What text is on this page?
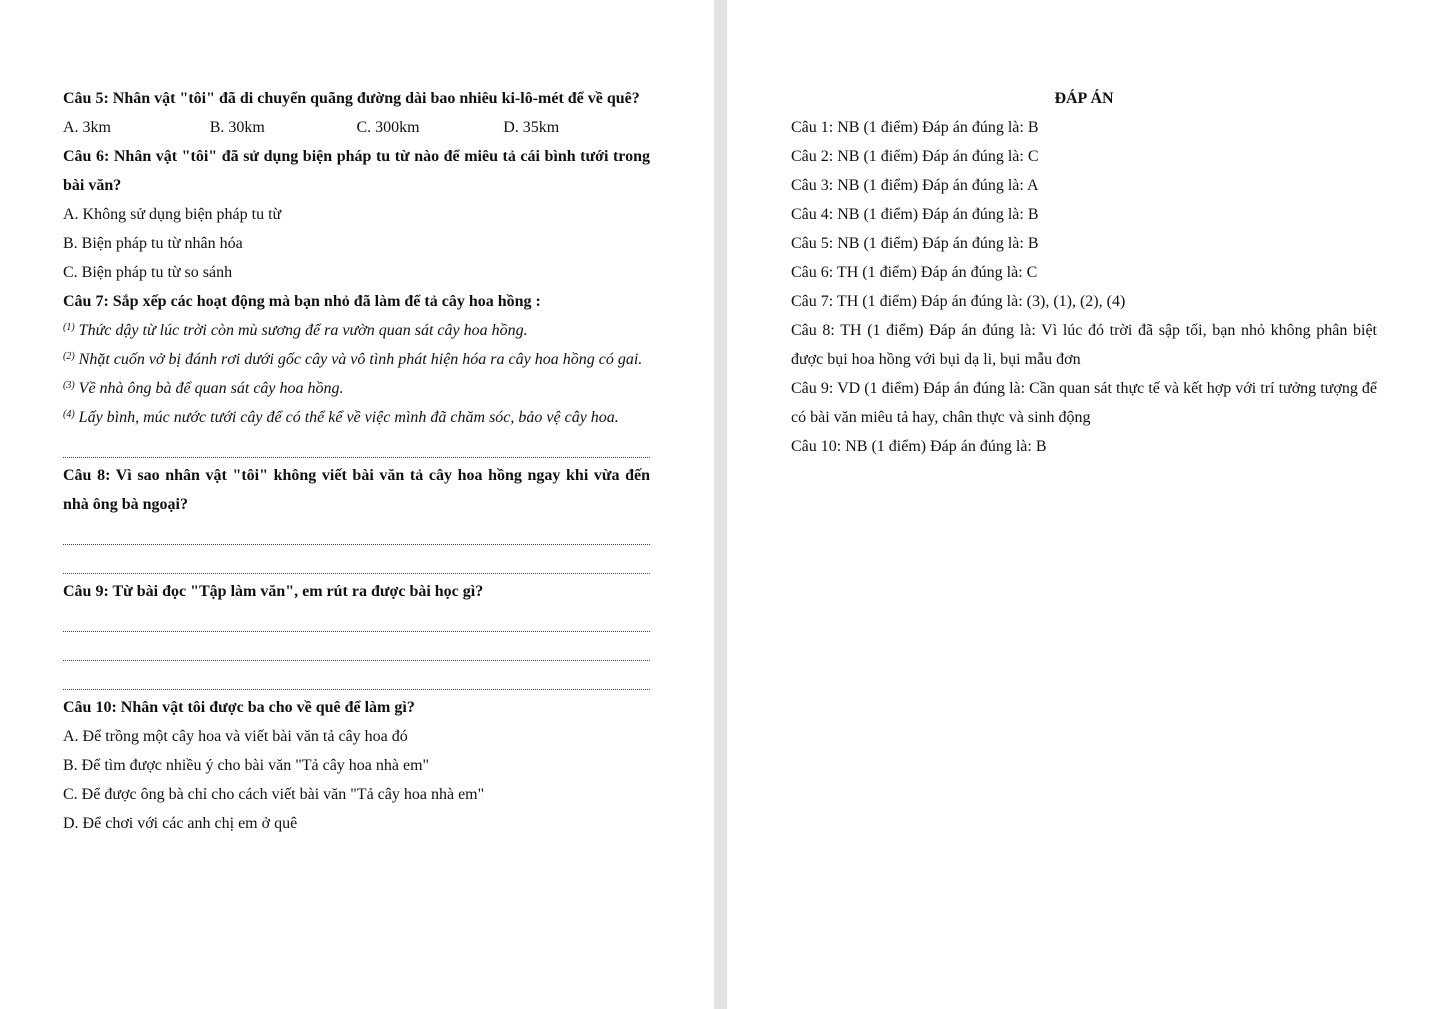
Câu 5: Nhân vật "tôi" đã di chuyển quãng đường dài bao nhiêu ki-lô-mét để về quê?
A. 3km	B. 30km	C. 300km	D. 35km
Câu 6: Nhân vật "tôi" đã sử dụng biện pháp tu từ nào để miêu tả cái bình tưới trong bài văn?
A. Không sử dụng biện pháp tu từ
B. Biện pháp tu từ nhân hóa
C. Biện pháp tu từ so sánh
Câu 7: Sắp xếp các hoạt động mà bạn nhỏ đã làm để tả cây hoa hồng :
$^{(1)}$ Thức dậy từ lúc trời còn mù sương để ra vườn quan sát cây hoa hồng.
$^{(2)}$ Nhặt cuốn vở bị đánh rơi dưới gốc cây và vô tình phát hiện hóa ra cây hoa hồng có gai.
$^{(3)}$ Về nhà ông bà để quan sát cây hoa hồng.
$^{(4)}$ Lấy bình, múc nước tưới cây để có thể kể về việc mình đã chăm sóc, bảo vệ cây hoa.
Câu 8: Vì sao nhân vật "tôi" không viết bài văn tả cây hoa hồng ngay khi vừa đến nhà ông bà ngoại?
Câu 9: Từ bài đọc "Tập làm văn", em rút ra được bài học gì?
Câu 10: Nhân vật tôi được ba cho về quê để làm gì?
A. Để trồng một cây hoa và viết bài văn tả cây hoa đó
B. Để tìm được nhiều ý cho bài văn "Tả cây hoa nhà em"
C. Để được ông bà chỉ cho cách viết bài văn "Tả cây hoa nhà em"
D. Để chơi với các anh chị em ở quê
ĐÁP ÁN
Câu 1: NB (1 điểm) Đáp án đúng là: B
Câu 2: NB (1 điểm) Đáp án đúng là: C
Câu 3: NB (1 điểm) Đáp án đúng là: A
Câu 4: NB (1 điểm) Đáp án đúng là: B
Câu 5: NB (1 điểm) Đáp án đúng là: B
Câu 6: TH (1 điểm) Đáp án đúng là: C
Câu 7: TH (1 điểm) Đáp án đúng là: (3), (1), (2), (4)
Câu 8: TH (1 điểm) Đáp án đúng là: Vì lúc đó trời đã sập tối, bạn nhỏ không phân biệt được bụi hoa hồng với bụi dạ li, bụi mẫu đơn
Câu 9: VD (1 điểm) Đáp án đúng là: Cần quan sát thực tế và kết hợp với trí tưởng tượng để có bài văn miêu tả hay, chân thực và sinh động
Câu 10: NB (1 điểm) Đáp án đúng là: B
